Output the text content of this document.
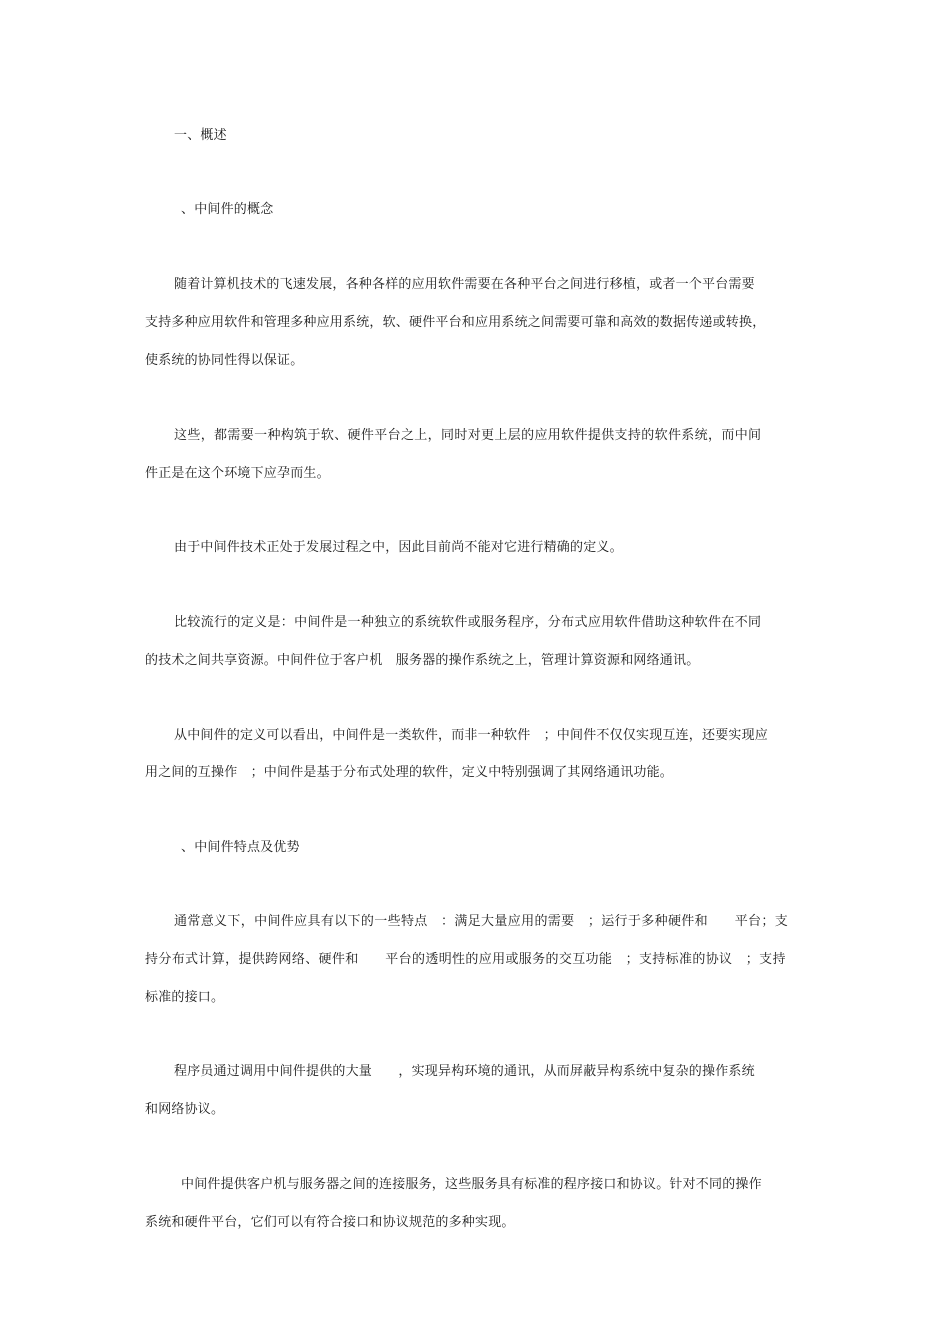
一、概述
、中间件的概念
随着计算机技术的飞速发展，各种各样的应用软件需要在各种平台之间进行移植，或者一个平台需要
支持多种应用软件和管理多种应用系统，软、硬件平台和应用系统之间需要可靠和高效的数据传递或转换，
使系统的协同性得以保证。
这些，都需要一种构筑于软、硬件平台之上，同时对更上层的应用软件提供支持的软件系统，而中间
件正是在这个环境下应孕而生。
由于中间件技术正处于发展过程之中，因此目前尚不能对它进行精确的定义。
比较流行的定义是：中间件是一种独立的系统软件或服务程序，分布式应用软件借助这种软件在不同
的技术之间共享资源。中间件位于客户机　服务器的操作系统之上，管理计算资源和网络通讯。
从中间件的定义可以看出，中间件是一类软件，而非一种软件　；中间件不仅仅实现互连，还要实现应
用之间的互操作　；中间件是基于分布式处理的软件，定义中特别强调了其网络通讯功能。
、中间件特点及优势
通常意义下，中间件应具有以下的一些特点　：满足大量应用的需要　；运行于多种硬件和　　平台；支
持分布式计算，提供跨网络、硬件和　　平台的透明性的应用或服务的交互功能　；支持标准的协议　；支持
标准的接口。
程序员通过调用中间件提供的大量　　，实现异构环境的通讯，从而屏蔽异构系统中复杂的操作系统
和网络协议。
中间件提供客户机与服务器之间的连接服务，这些服务具有标准的程序接口和协议。针对不同的操作
系统和硬件平台，它们可以有符合接口和协议规范的多种实现。
